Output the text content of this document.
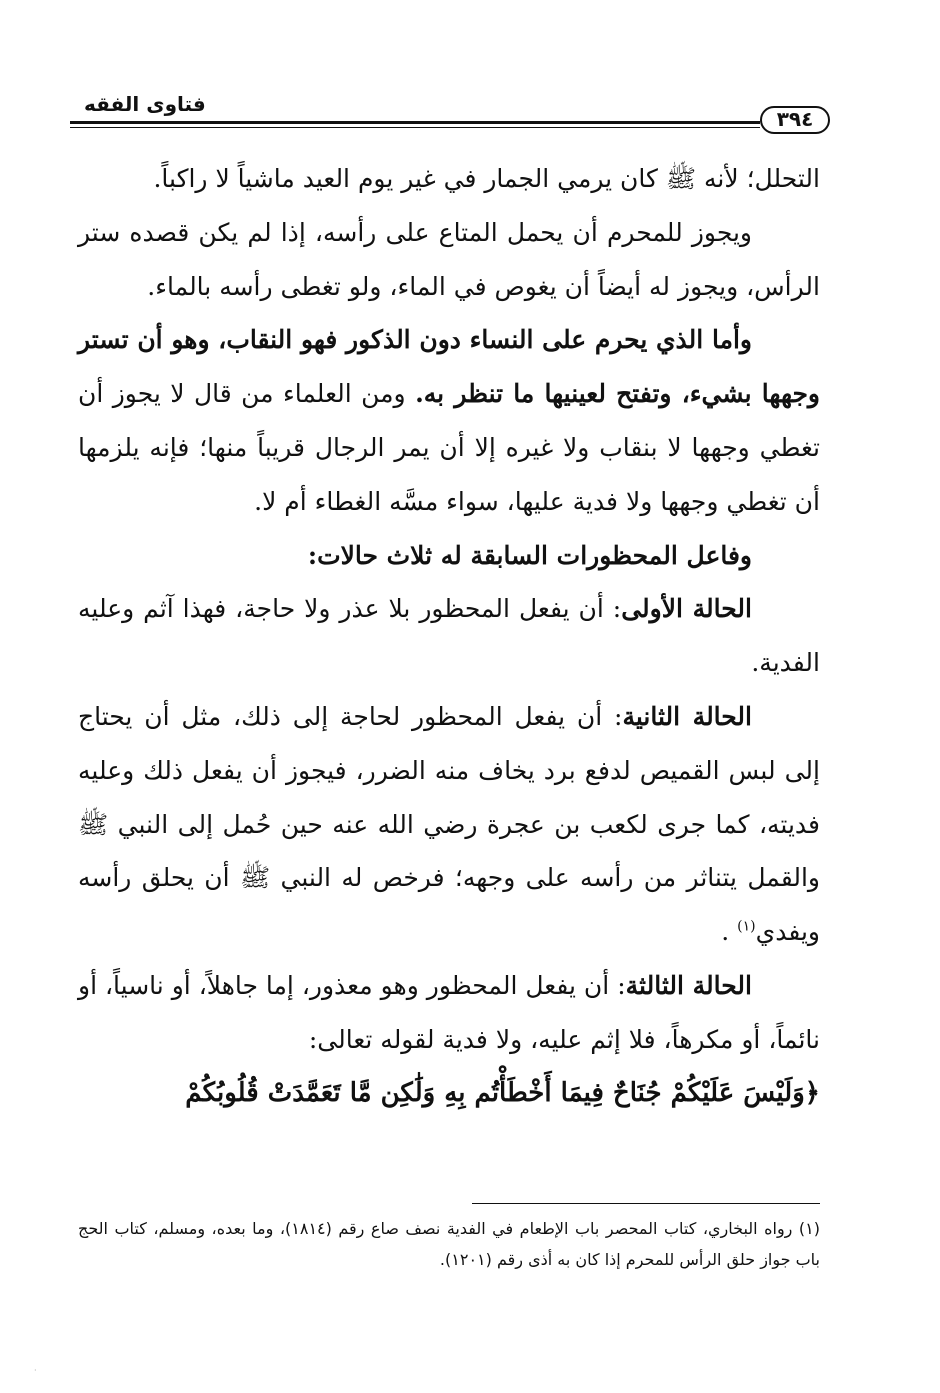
٣٩٤
فتاوى الفقه

التحلل؛ لأنه ﷺ كان يرمي الجمار في غير يوم العيد ماشياً لا راكباً.

ويجوز للمحرم أن يحمل المتاع على رأسه، إذا لم يكن قصده ستر الرأس، ويجوز له أيضاً أن يغوص في الماء، ولو تغطى رأسه بالماء.

وأما الذي يحرم على النساء دون الذكور فهو النقاب، وهو أن تستر وجهها بشيء، وتفتح لعينيها ما تنظر به. ومن العلماء من قال لا يجوز أن تغطي وجهها لا بنقاب ولا غيره إلا أن يمر الرجال قريباً منها؛ فإنه يلزمها أن تغطي وجهها ولا فدية عليها، سواء مسَّه الغطاء أم لا.

وفاعل المحظورات السابقة له ثلاث حالات:

الحالة الأولى: أن يفعل المحظور بلا عذر ولا حاجة، فهذا آثم وعليه الفدية.

الحالة الثانية: أن يفعل المحظور لحاجة إلى ذلك، مثل أن يحتاج إلى لبس القميص لدفع برد يخاف منه الضرر، فيجوز أن يفعل ذلك وعليه فديته، كما جرى لكعب بن عجرة رضي الله عنه حين حُمل إلى النبي ﷺ والقمل يتناثر من رأسه على وجهه؛ فرخص له النبي ﷺ أن يحلق رأسه ويفدي$^{(١)}$ .

الحالة الثالثة: أن يفعل المحظور وهو معذور، إما جاهلاً، أو ناسياً، أو نائماً، أو مكرهاً، فلا إثم عليه، ولا فدية لقوله تعالى:

﴿وَلَيْسَ عَلَيْكُمْ جُنَاحٌ فِيمَا أَخْطَأْتُم بِهِ وَلَٰكِن مَّا تَعَمَّدَتْ قُلُوبُكُمْ

(١) رواه البخاري، كتاب المحصر باب الإطعام في الفدية نصف صاع رقم (١٨١٤)، وما بعده، ومسلم، كتاب الحج باب جواز حلق الرأس للمحرم إذا كان به أذى رقم (١٢٠١).

·
